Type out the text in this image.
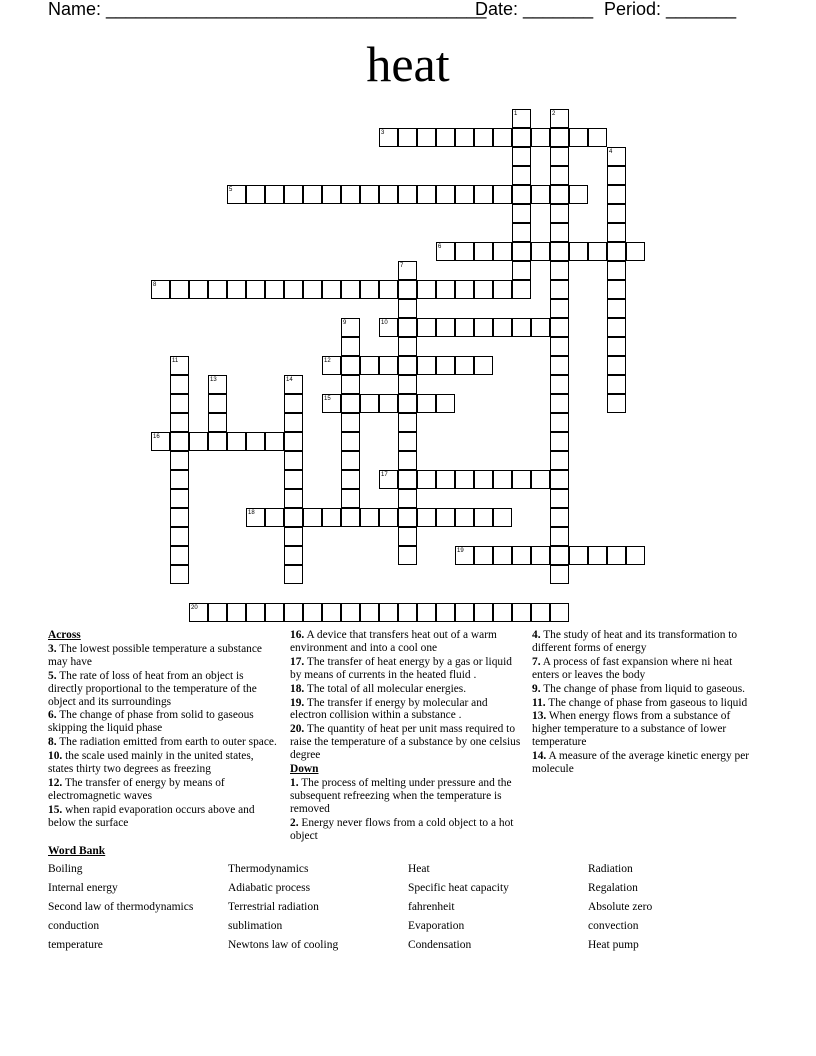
Name: ______________________________________
Date: _______ Period: _______
heat
1	2
3
4
5
6
7
8
9	10
11	12
13	14
15
16
17
18
19
20
Across
3. The lowest possible temperature a substance may have
5. The rate of loss of heat from an object is directly proportional to the temperature of the object and its surroundings
6. The change of phase from solid to gaseous skipping the liquid phase
8. The radiation emitted from earth to outer space.
10. the scale used mainly in the united states, states thirty two degrees as freezing
12. The transfer of energy by means of electromagnetic waves
15. when rapid evaporation occurs above and below the surface
16. A device that transfers heat out of a warm environment and into a cool one
17. The transfer of heat energy by a gas or liquid by means of currents in the heated fluid .
18. The total of all molecular energies.
19. The transfer if energy by molecular and electron collision within a substance .
20. The quantity of heat per unit mass required to raise the temperature of a substance by one celsius degree
Down
1. The process of melting under pressure and the subsequent refreezing when the temperature is removed
2. Energy never flows from a cold object to a hot object
4. The study of heat and its transformation to different forms of energy
7. A process of fast expansion where ni heat enters or leaves the body
9. The change of phase from liquid to gaseous.
11. The change of phase from gaseous to liquid
13. When energy flows from a substance of higher temperature to a substance of lower temperature
14. A measure of the average kinetic energy per molecule
Word Bank
Boiling	Thermodynamics	Heat	Radiation
Internal energy	Adiabatic process	Specific heat capacity	Regalation
Second law of thermodynamics	Terrestrial radiation	fahrenheit	Absolute zero
conduction	sublimation	Evaporation	convection
temperature	Newtons law of cooling	Condensation	Heat pump
